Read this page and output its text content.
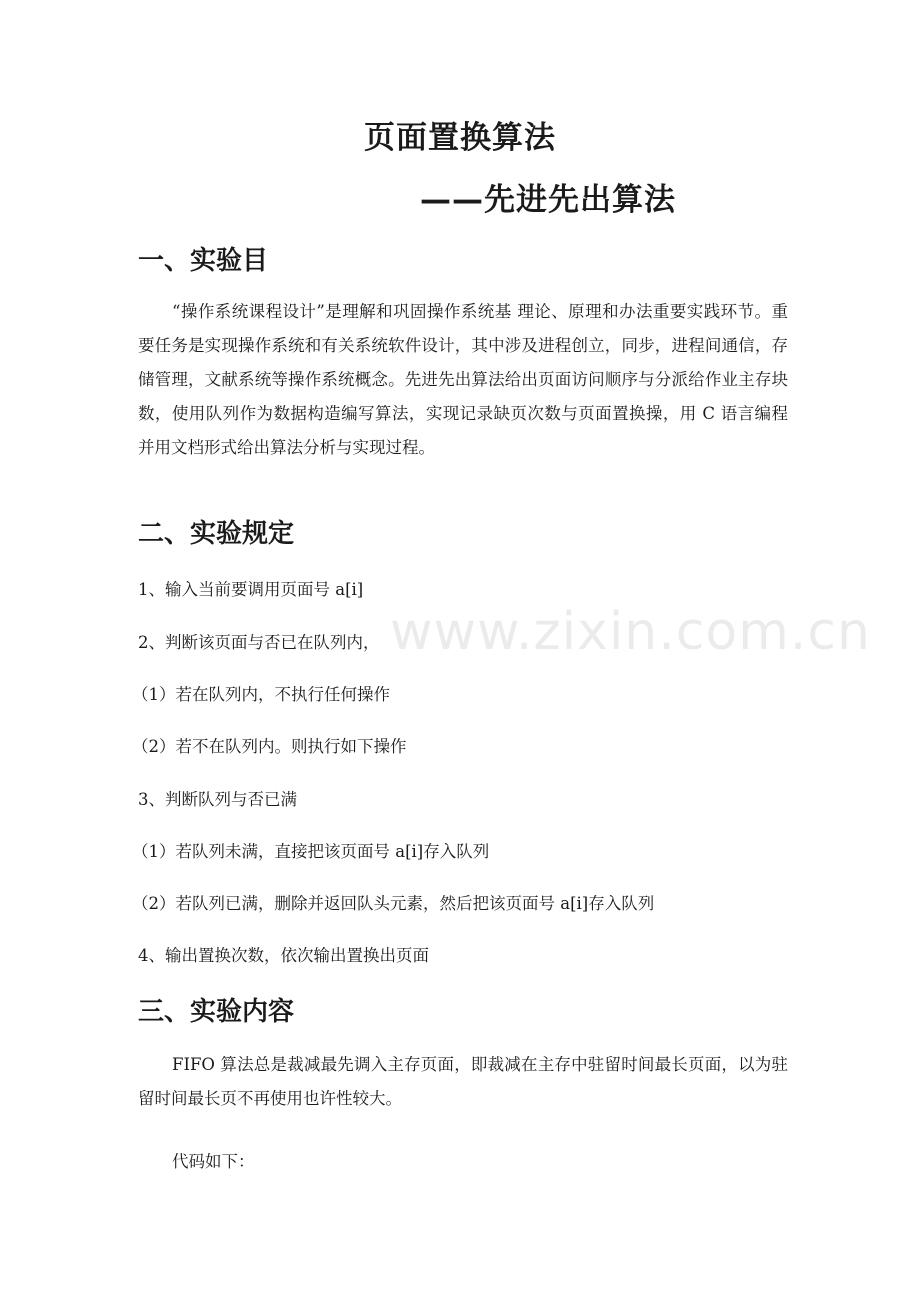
页面置换算法
——先进先出算法
一、实验目
“操作系统课程设计”是理解和巩固操作系统基 理论、原理和办法重要实践环节。重要任务是实现操作系统和有关系统软件设计，其中涉及进程创立，同步，进程间通信，存储管理，文献系统等操作系统概念。先进先出算法给出页面访问顺序与分派给作业主存块数，使用队列作为数据构造编写算法，实现记录缺页次数与页面置换操，用 C 语言编程并用文档形式给出算法分析与实现过程。
二、实验规定
1、输入当前要调用页面号 a[i]
2、判断该页面与否已在队列内，
（1）若在队列内，不执行任何操作
（2）若不在队列内。则执行如下操作
3、判断队列与否已满
（1）若队列未满，直接把该页面号 a[i]存入队列
（2）若队列已满，删除并返回队头元素，然后把该页面号 a[i]存入队列
4、输出置换次数，依次输出置换出页面
三、实验内容
FIFO 算法总是裁减最先调入主存页面，即裁减在主存中驻留时间最长页面，以为驻留时间最长页不再使用也许性较大。
代码如下：
www.zixin.com.cn
